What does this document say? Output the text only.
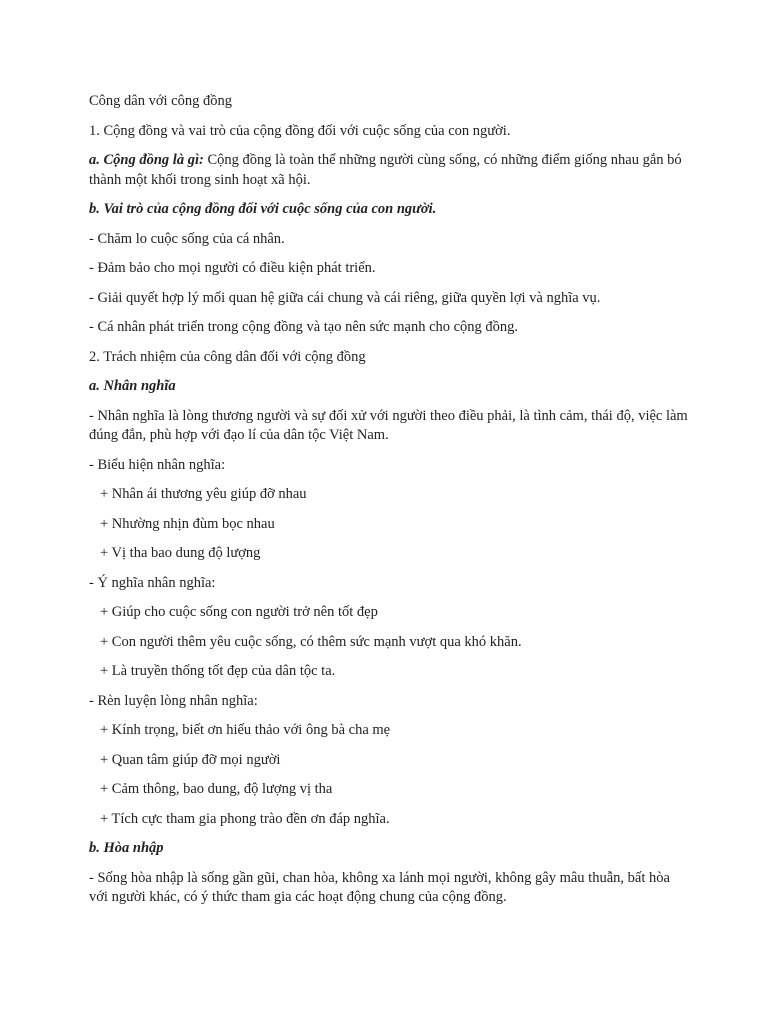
Công dân với công đồng

1. Cộng đồng và vai trò của cộng đồng đối với cuộc sống của con người.

a. Cộng đồng là gì: Cộng đồng là toàn thể những người cùng sống, có những điểm giống nhau gắn bó thành một khối trong sinh hoạt xã hội.

b. Vai trò của cộng đồng đối với cuộc sống của con người.

- Chăm lo cuộc sống của cá nhân.

- Đảm bảo cho mọi người có điều kiện phát triển.

- Giải quyết hợp lý mối quan hệ giữa cái chung và cái riêng, giữa quyền lợi và nghĩa vụ.

- Cá nhân phát triển trong cộng đồng và tạo nên sức mạnh cho cộng đồng.

2. Trách nhiệm của công dân đối với cộng đồng

a. Nhân nghĩa

- Nhân nghĩa là lòng thương người và sự đối xử với người theo điều phải, là tình cảm, thái độ, việc làm đúng đắn, phù hợp với đạo lí của dân tộc Việt Nam.

- Biểu hiện nhân nghĩa:

+ Nhân ái thương yêu giúp đỡ nhau

+ Nhường nhịn đùm bọc nhau

+ Vị tha bao dung độ lượng

- Ý nghĩa nhân nghĩa:

+ Giúp cho cuộc sống con người trở nên tốt đẹp

+ Con người thêm yêu cuộc sống, có thêm sức mạnh vượt qua khó khăn.

+ Là truyền thống tốt đẹp của dân tộc ta.

- Rèn luyện lòng nhân nghĩa:

+ Kính trọng, biết ơn hiếu thảo với ông bà cha mẹ

+ Quan tâm giúp đỡ mọi người

+ Cảm thông, bao dung, độ lượng vị tha

+ Tích cực tham gia phong trào đền ơn đáp nghĩa.

b. Hòa nhập

- Sống hòa nhập là sống gần gũi, chan hòa, không xa lánh mọi người, không gây mâu thuẫn, bất hòa với người khác, có ý thức tham gia các hoạt động chung của cộng đồng.
